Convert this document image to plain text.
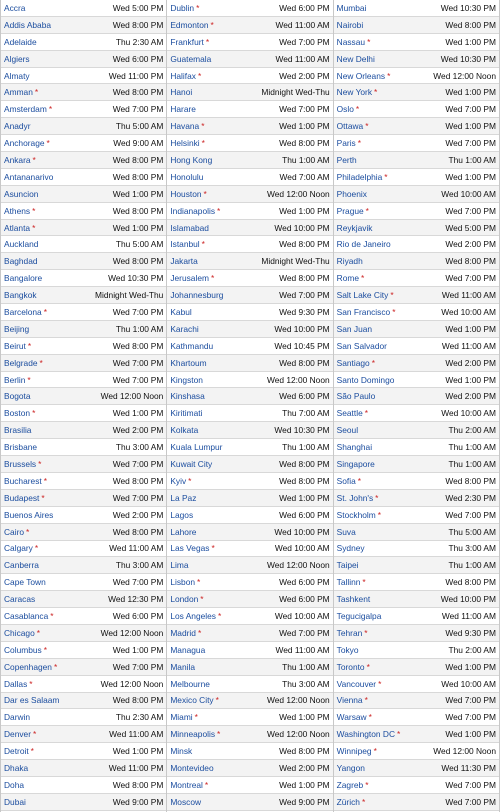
Accra	Wed 5:00 PM
Addis Ababa	Wed 8:00 PM
Adelaide	Thu 2:30 AM
Algiers	Wed 6:00 PM
Almaty	Wed 11:00 PM
Amman *	Wed 8:00 PM
Amsterdam *	Wed 7:00 PM
Anadyr	Thu 5:00 AM
Anchorage *	Wed 9:00 AM
Ankara *	Wed 8:00 PM
Antananarivo	Wed 8:00 PM
Asuncion	Wed 1:00 PM
Athens *	Wed 8:00 PM
Atlanta *	Wed 1:00 PM
Auckland	Thu 5:00 AM
Baghdad	Wed 8:00 PM
Bangalore	Wed 10:30 PM
Bangkok	Midnight Wed-Thu
Barcelona *	Wed 7:00 PM
Beijing	Thu 1:00 AM
Beirut *	Wed 8:00 PM
Belgrade *	Wed 7:00 PM
Berlin *	Wed 7:00 PM
Bogota	Wed 12:00 Noon
Boston *	Wed 1:00 PM
Brasilia	Wed 2:00 PM
Brisbane	Thu 3:00 AM
Brussels *	Wed 7:00 PM
Bucharest *	Wed 8:00 PM
Budapest *	Wed 7:00 PM
Buenos Aires	Wed 2:00 PM
Cairo *	Wed 8:00 PM
Calgary *	Wed 11:00 AM
Canberra	Thu 3:00 AM
Cape Town	Wed 7:00 PM
Caracas	Wed 12:30 PM
Casablanca *	Wed 6:00 PM
Chicago *	Wed 12:00 Noon
Columbus *	Wed 1:00 PM
Copenhagen *	Wed 7:00 PM
Dallas *	Wed 12:00 Noon
Dar es Salaam	Wed 8:00 PM
Darwin	Thu 2:30 AM
Denver *	Wed 11:00 AM
Detroit *	Wed 1:00 PM
Dhaka	Wed 11:00 PM
Doha	Wed 8:00 PM
Dubai	Wed 9:00 PM
Dublin *	Wed 6:00 PM
Edmonton *	Wed 11:00 AM
Frankfurt *	Wed 7:00 PM
Guatemala	Wed 11:00 AM
Halifax *	Wed 2:00 PM
Hanoi	Midnight Wed-Thu
Harare	Wed 7:00 PM
Havana *	Wed 1:00 PM
Helsinki *	Wed 8:00 PM
Hong Kong	Thu 1:00 AM
Honolulu	Wed 7:00 AM
Houston *	Wed 12:00 Noon
Indianapolis *	Wed 1:00 PM
Islamabad	Wed 10:00 PM
Istanbul *	Wed 8:00 PM
Jakarta	Midnight Wed-Thu
Jerusalem *	Wed 8:00 PM
Johannesburg	Wed 7:00 PM
Kabul	Wed 9:30 PM
Karachi	Wed 10:00 PM
Kathmandu	Wed 10:45 PM
Khartoum	Wed 8:00 PM
Kingston	Wed 12:00 Noon
Kinshasa	Wed 6:00 PM
Kiritimati	Thu 7:00 AM
Kolkata	Wed 10:30 PM
Kuala Lumpur	Thu 1:00 AM
Kuwait City	Wed 8:00 PM
Kyiv *	Wed 8:00 PM
La Paz	Wed 1:00 PM
Lagos	Wed 6:00 PM
Lahore	Wed 10:00 PM
Las Vegas *	Wed 10:00 AM
Lima	Wed 12:00 Noon
Lisbon *	Wed 6:00 PM
London *	Wed 6:00 PM
Los Angeles *	Wed 10:00 AM
Madrid *	Wed 7:00 PM
Managua	Wed 11:00 AM
Manila	Thu 1:00 AM
Melbourne	Thu 3:00 AM
Mexico City *	Wed 12:00 Noon
Miami *	Wed 1:00 PM
Minneapolis *	Wed 12:00 Noon
Minsk	Wed 8:00 PM
Montevideo	Wed 2:00 PM
Montreal *	Wed 1:00 PM
Moscow	Wed 9:00 PM
Mumbai	Wed 10:30 PM
Nairobi	Wed 8:00 PM
Nassau *	Wed 1:00 PM
New Delhi	Wed 10:30 PM
New Orleans *	Wed 12:00 Noon
New York *	Wed 1:00 PM
Oslo *	Wed 7:00 PM
Ottawa *	Wed 1:00 PM
Paris *	Wed 7:00 PM
Perth	Thu 1:00 AM
Philadelphia *	Wed 1:00 PM
Phoenix	Wed 10:00 AM
Prague *	Wed 7:00 PM
Reykjavik	Wed 5:00 PM
Rio de Janeiro	Wed 2:00 PM
Riyadh	Wed 8:00 PM
Rome *	Wed 7:00 PM
Salt Lake City *	Wed 11:00 AM
San Francisco *	Wed 10:00 AM
San Juan	Wed 1:00 PM
San Salvador	Wed 11:00 AM
Santiago *	Wed 2:00 PM
Santo Domingo	Wed 1:00 PM
São Paulo	Wed 2:00 PM
Seattle *	Wed 10:00 AM
Seoul	Thu 2:00 AM
Shanghai	Thu 1:00 AM
Singapore	Thu 1:00 AM
Sofia *	Wed 8:00 PM
St. John's *	Wed 2:30 PM
Stockholm *	Wed 7:00 PM
Suva	Thu 5:00 AM
Sydney	Thu 3:00 AM
Taipei	Thu 1:00 AM
Tallinn *	Wed 8:00 PM
Tashkent	Wed 10:00 PM
Tegucigalpa	Wed 11:00 AM
Tehran *	Wed 9:30 PM
Tokyo	Thu 2:00 AM
Toronto *	Wed 1:00 PM
Vancouver *	Wed 10:00 AM
Vienna *	Wed 7:00 PM
Warsaw *	Wed 7:00 PM
Washington DC *	Wed 1:00 PM
Winnipeg *	Wed 12:00 Noon
Yangon	Wed 11:30 PM
Zagreb *	Wed 7:00 PM
Zürich *	Wed 7:00 PM
